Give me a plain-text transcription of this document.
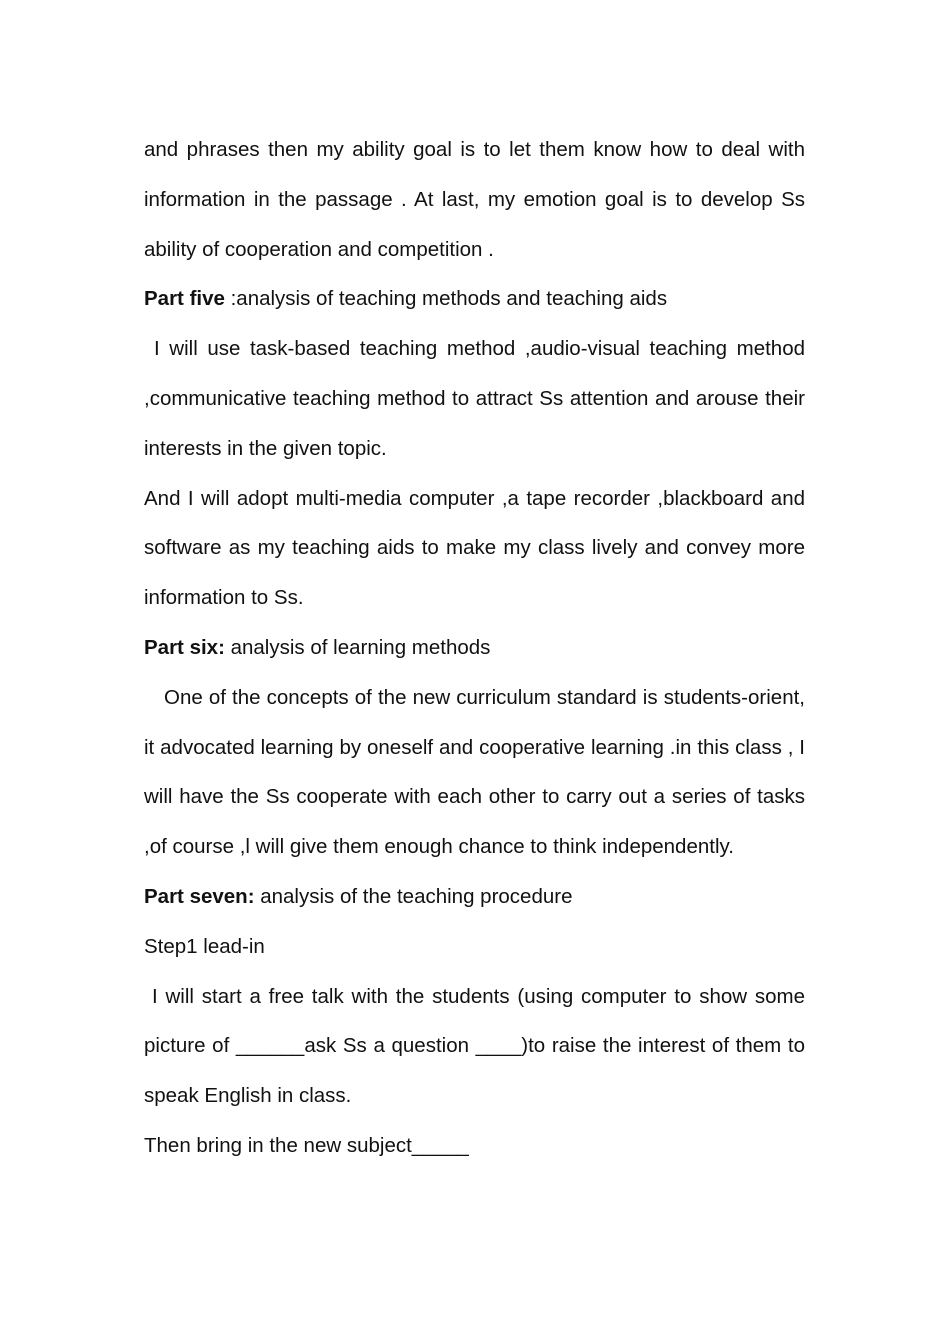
and phrases then my ability goal is to let them know how to deal with information in the passage . At last, my emotion goal is to develop Ss ability of cooperation and competition .

Part five :analysis of teaching methods and teaching aids

I will use task-based teaching method ,audio-visual teaching method ,communicative teaching method to attract Ss attention and arouse their interests in the given topic.

And I will adopt multi-media computer ,a tape recorder ,blackboard and software as my teaching aids to make my class lively and convey more information to Ss.

Part six: analysis of learning methods

One of the concepts of the new curriculum standard is students-orient, it advocated learning by oneself and cooperative learning .in this class , I will have the Ss cooperate with each other to carry out a series of tasks ,of course ,l will give them enough chance to think independently.

Part seven: analysis of the teaching procedure

Step1 lead-in

I will start a free talk with the students (using computer to show some picture of ______ask Ss a question ____)to raise the interest of them to speak English in class.

Then bring in the new subject_____
